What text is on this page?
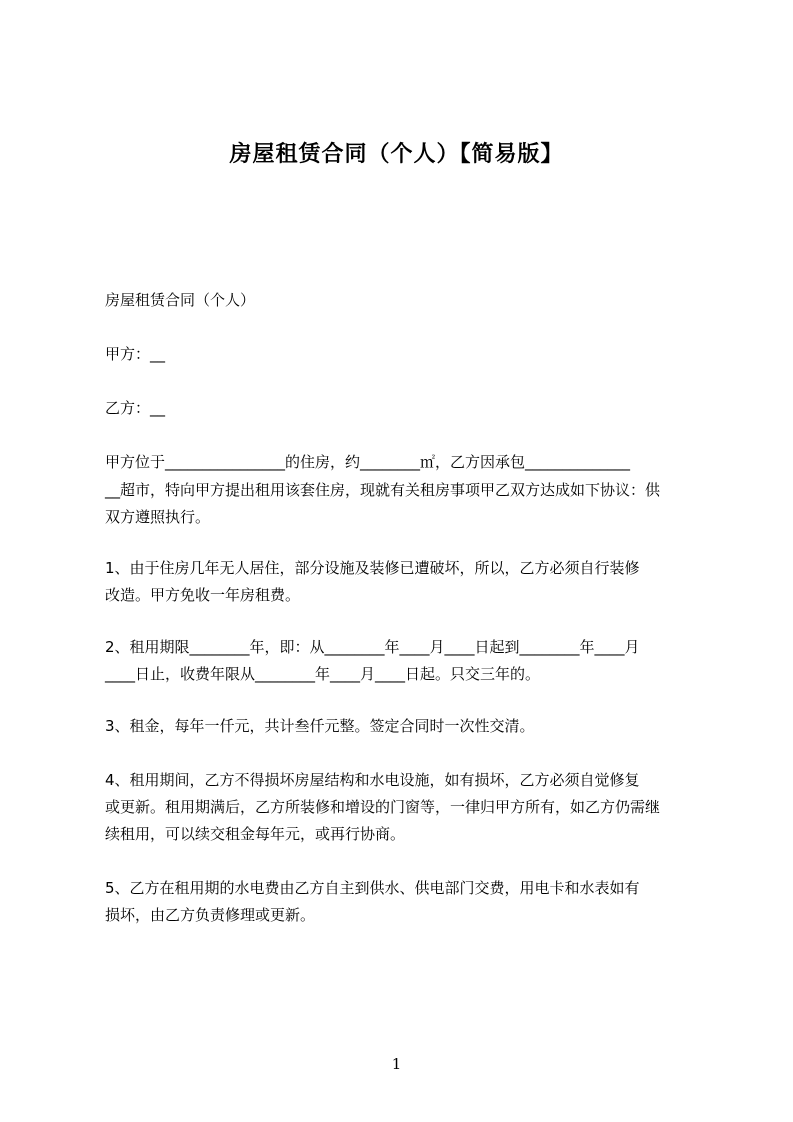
房屋租赁合同（个人）【简易版】
房屋租赁合同（个人）
甲方：__
乙方：__
甲方位于________________的住房，约________㎡，乙方因承包______________
__超市，特向甲方提出租用该套住房，现就有关租房事项甲乙双方达成如下协议：供
双方遵照执行。
1、由于住房几年无人居住，部分设施及装修已遭破坏，所以，乙方必须自行装修
改造。甲方免收一年房租费。
2、租用期限________年，即：从________年____月____日起到________年____月
____日止，收费年限从________年____月____日起。只交三年的。
3、租金，每年一仟元，共计叁仟元整。签定合同时一次性交清。
4、租用期间，乙方不得损坏房屋结构和水电设施，如有损坏，乙方必须自觉修复
或更新。租用期满后，乙方所装修和增设的门窗等，一律归甲方所有，如乙方仍需继
续租用，可以续交租金每年元，或再行协商。
5、乙方在租用期的水电费由乙方自主到供水、供电部门交费，用电卡和水表如有
损坏，由乙方负责修理或更新。
1
